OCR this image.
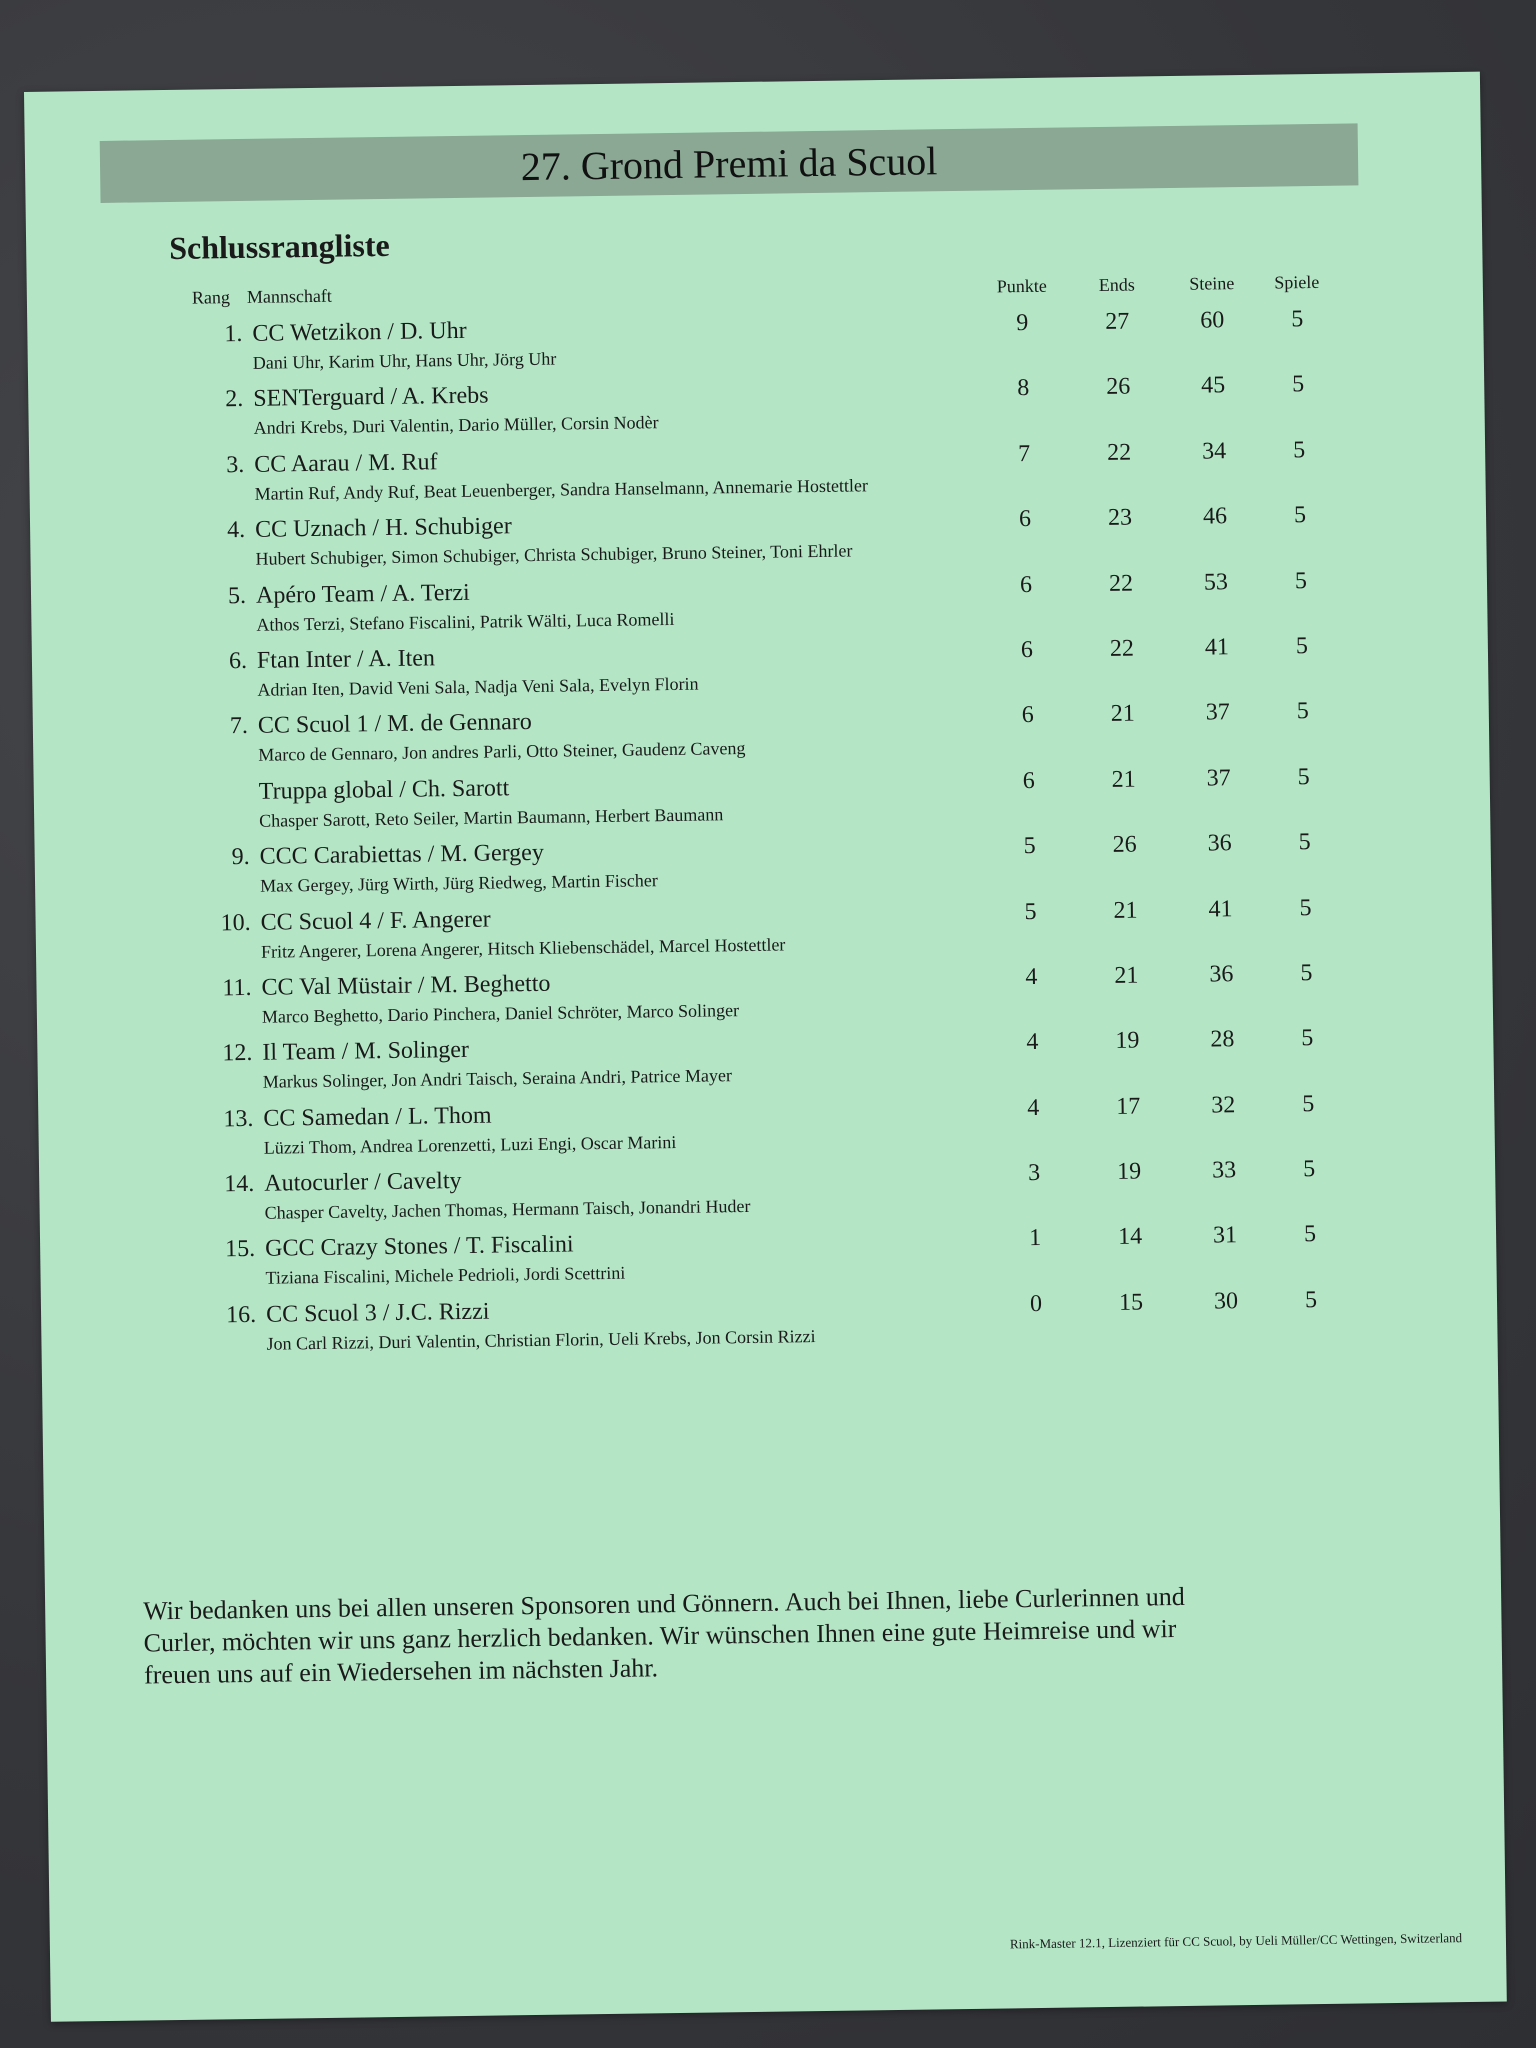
27. Grond Premi da Scuol
Schlussrangliste
Rang Mannschaft	Punkte	Ends	Steine	Spiele
1. CC Wetzikon / D. Uhr
Dani Uhr, Karim Uhr, Hans Uhr, Jörg Uhr
9	27	60	5
2. SENTerguard / A. Krebs
Andri Krebs, Duri Valentin, Dario Müller, Corsin Nodèr
8	26	45	5
3. CC Aarau / M. Ruf
Martin Ruf, Andy Ruf, Beat Leuenberger, Sandra Hanselmann, Annemarie Hostettler
7	22	34	5
4. CC Uznach / H. Schubiger
Hubert Schubiger, Simon Schubiger, Christa Schubiger, Bruno Steiner, Toni Ehrler
6	23	46	5
5. Apéro Team / A. Terzi
Athos Terzi, Stefano Fiscalini, Patrik Wälti, Luca Romelli
6	22	53	5
6. Ftan Inter / A. Iten
Adrian Iten, David Veni Sala, Nadja Veni Sala, Evelyn Florin
6	22	41	5
7. CC Scuol 1 / M. de Gennaro
Marco de Gennaro, Jon andres Parli, Otto Steiner, Gaudenz Caveng
6	21	37	5
Truppa global / Ch. Sarott
Chasper Sarott, Reto Seiler, Martin Baumann, Herbert Baumann
6	21	37	5
9. CCC Carabiettas / M. Gergey
Max Gergey, Jürg Wirth, Jürg Riedweg, Martin Fischer
5	26	36	5
10. CC Scuol 4 / F. Angerer
Fritz Angerer, Lorena Angerer, Hitsch Kliebenschädel, Marcel Hostettler
5	21	41	5
11. CC Val Müstair / M. Beghetto
Marco Beghetto, Dario Pinchera, Daniel Schröter, Marco Solinger
4	21	36	5
12. Il Team / M. Solinger
Markus Solinger, Jon Andri Taisch, Seraina Andri, Patrice Mayer
4	19	28	5
13. CC Samedan / L. Thom
Lüzzi Thom, Andrea Lorenzetti, Luzi Engi, Oscar Marini
4	17	32	5
14. Autocurler / Cavelty
Chasper Cavelty, Jachen Thomas, Hermann Taisch, Jonandri Huder
3	19	33	5
15. GCC Crazy Stones / T. Fiscalini
Tiziana Fiscalini, Michele Pedrioli, Jordi Scettrini
1	14	31	5
16. CC Scuol 3 / J.C. Rizzi
Jon Carl Rizzi, Duri Valentin, Christian Florin, Ueli Krebs, Jon Corsin Rizzi
0	15	30	5
Wir bedanken uns bei allen unseren Sponsoren und Gönnern. Auch bei Ihnen, liebe Curlerinnen und
Curler, möchten wir uns ganz herzlich bedanken. Wir wünschen Ihnen eine gute Heimreise und wir
freuen uns auf ein Wiedersehen im nächsten Jahr.
Rink-Master 12.1, Lizenziert für CC Scuol, by Ueli Müller/CC Wettingen, Switzerland
